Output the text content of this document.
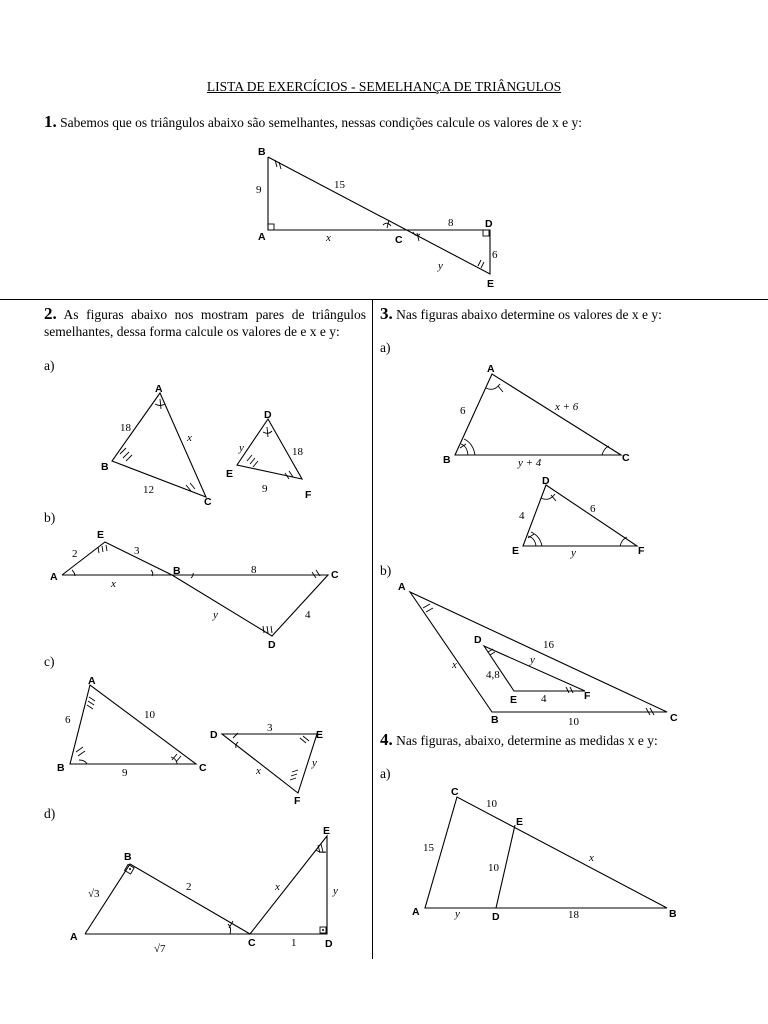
LISTA DE EXERCÍCIOS - SEMELHANÇA DE TRIÂNGULOS
1. Sabemos que os triângulos abaixo são semelhantes, nessas condições calcule os valores de x e y:
B
A	C
D
E
9	15
x
8
6
y
2. As figuras abaixo nos mostram pares de triângulos semelhantes, dessa forma calcule os valores de e x e y:
a)
A
B
C
D
E
F
18
x
12
y	18
9
b)
A	B	C
D
E
2	3
x
8
y	4
c)
A
B	C
D	E
F
6	10
9
3
x
y
d)
B
A	C	D
E
√3
2
√7
x
1
y
3. Nas figuras abaixo determine os valores de x e y:
a)
A
B	C
D
E	F
6	x + 6
y + 4
4
6
y
b)
A
B	C
D
E	F
x
16
10
4,8
y
4
4. Nas figuras, abaixo, determine as medidas x e y:
a)
C
A	D	B
E
15
10
10
x
y	18
